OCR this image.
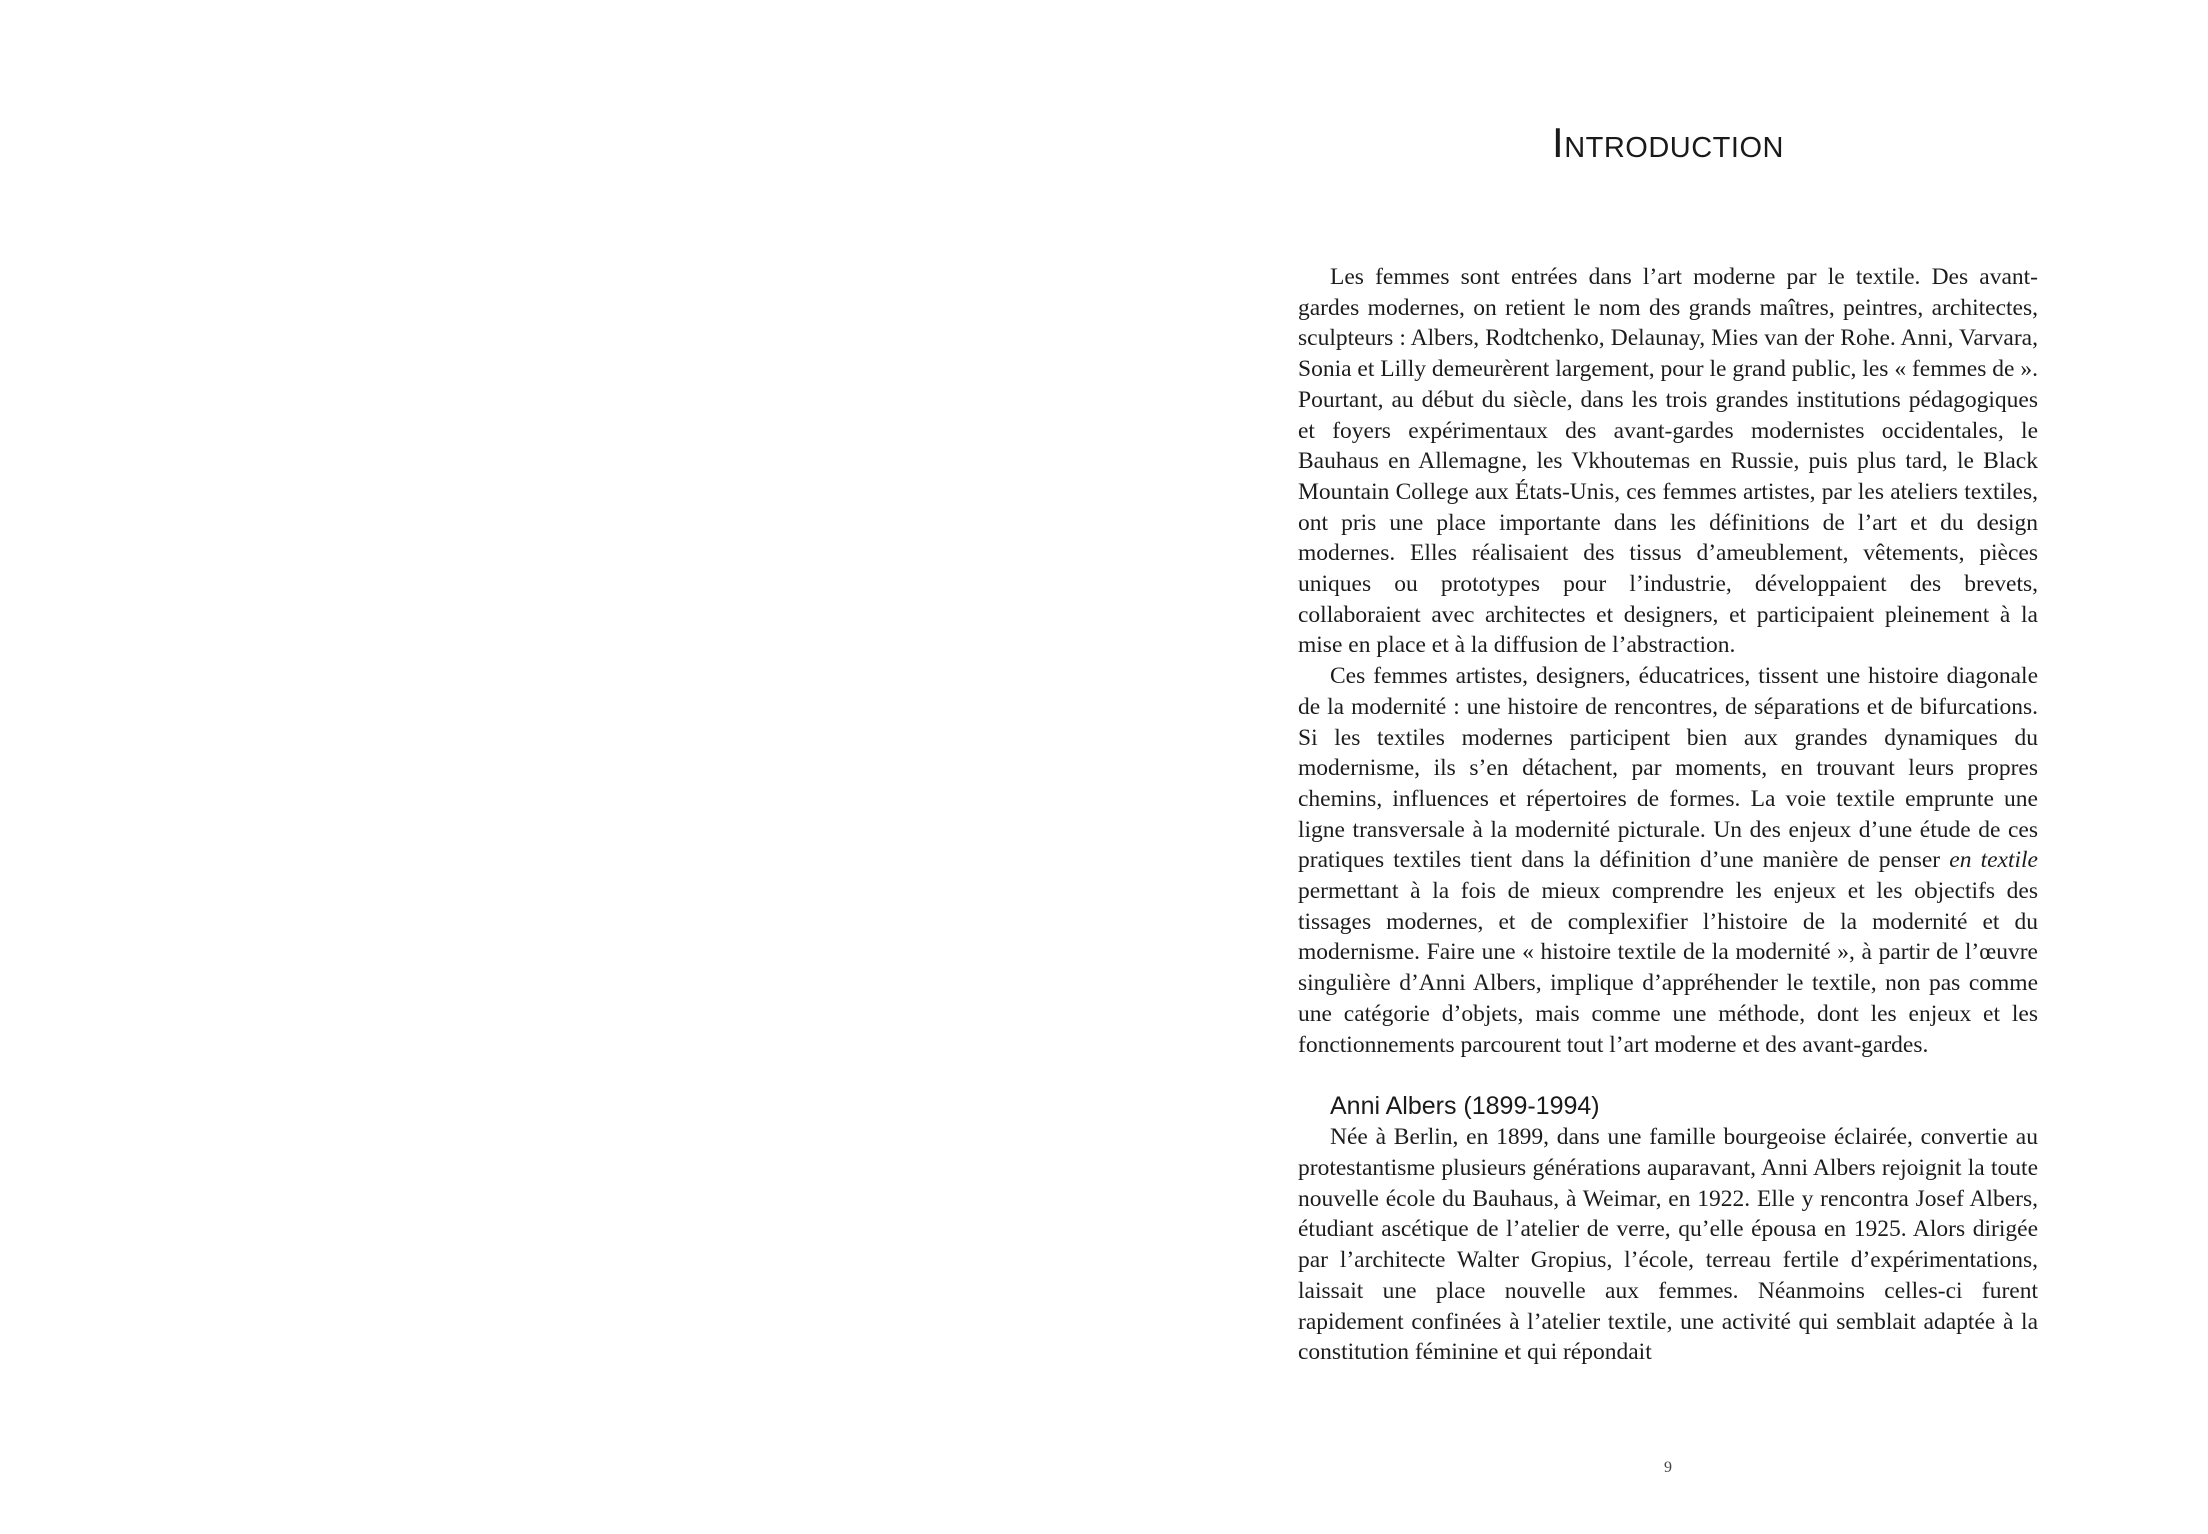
Introduction

Les femmes sont entrées dans l’art moderne par le textile. Des avant-gardes modernes, on retient le nom des grands maîtres, peintres, architectes, sculpteurs : Albers, Rodtchenko, Delaunay, Mies van der Rohe. Anni, Varvara, Sonia et Lilly demeurèrent largement, pour le grand public, les « femmes de ». Pourtant, au début du siècle, dans les trois grandes institutions pédagogiques et foyers expérimentaux des avant-gardes modernistes occidentales, le Bauhaus en Allemagne, les Vkhoutemas en Russie, puis plus tard, le Black Mountain College aux États-Unis, ces femmes artistes, par les ateliers textiles, ont pris une place importante dans les définitions de l’art et du design modernes. Elles réalisaient des tissus d’ameublement, vêtements, pièces uniques ou prototypes pour l’industrie, développaient des brevets, collaboraient avec architectes et designers, et participaient pleinement à la mise en place et à la diffusion de l’abstraction.

Ces femmes artistes, designers, éducatrices, tissent une histoire diagonale de la modernité : une histoire de rencontres, de séparations et de bifurcations. Si les textiles modernes participent bien aux grandes dynamiques du modernisme, ils s’en détachent, par moments, en trouvant leurs propres chemins, influences et répertoires de formes. La voie textile emprunte une ligne transversale à la modernité picturale. Un des enjeux d’une étude de ces pratiques textiles tient dans la définition d’une manière de penser en textile permettant à la fois de mieux comprendre les enjeux et les objectifs des tissages modernes, et de complexifier l’histoire de la modernité et du modernisme. Faire une « histoire textile de la modernité », à partir de l’œuvre singulière d’Anni Albers, implique d’appréhender le textile, non pas comme une catégorie d’objets, mais comme une méthode, dont les enjeux et les fonctionnements parcourent tout l’art moderne et des avant-gardes.

Anni Albers (1899-1994)

Née à Berlin, en 1899, dans une famille bourgeoise éclairée, convertie au protestantisme plusieurs générations auparavant, Anni Albers rejoignit la toute nouvelle école du Bauhaus, à Weimar, en 1922. Elle y rencontra Josef Albers, étudiant ascétique de l’atelier de verre, qu’elle épousa en 1925. Alors dirigée par l’architecte Walter Gropius, l’école, terreau fertile d’expérimentations, laissait une place nouvelle aux femmes. Néanmoins celles-ci furent rapidement confinées à l’atelier textile, une activité qui semblait adaptée à la constitution féminine et qui répondait

9
